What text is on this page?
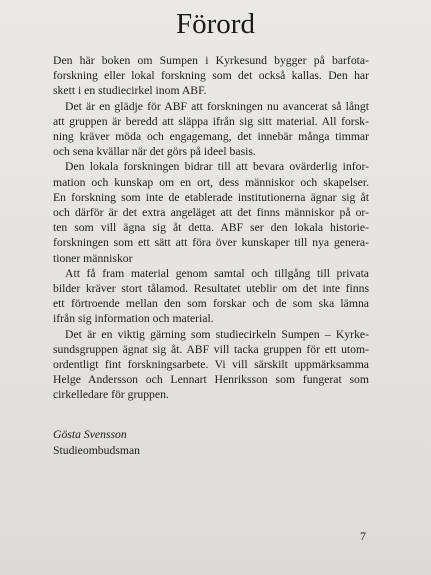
Förord

Den här boken om Sumpen i Kyrkesund bygger på barfota-
forskning eller lokal forskning som det också kallas. Den har
skett i en studiecirkel inom ABF.

Det är en glädje för ABF att forskningen nu avancerat så långt
att gruppen är beredd att släppa ifrån sig sitt material. All forsk-
ning kräver möda och engagemang, det innebär många timmar
och sena kvällar när det görs på ideel basis.

Den lokala forskningen bidrar till att bevara ovärderlig infor-
mation och kunskap om en ort, dess människor och skapelser.
En forskning som inte de etablerade institutionerna ägnar sig åt
och därför är det extra angeläget att det finns människor på or-
ten som vill ägna sig åt detta. ABF ser den lokala historie-
forskningen som ett sätt att föra över kunskaper till nya genera-
tioner människor

Att få fram material genom samtal och tillgång till privata
bilder kräver stort tålamod. Resultatet uteblir om det inte finns
ett förtroende mellan den som forskar och de som ska lämna
ifrån sig information och material.

Det är en viktig gärning som studiecirkeln Sumpen – Kyrke-
sundsgruppen ägnat sig åt. ABF vill tacka gruppen för ett utom-
ordentligt fint forskningsarbete. Vi vill särskilt uppmärksamma
Helge Andersson och Lennart Henriksson som fungerat som
cirkelledare för gruppen.

Gösta Svensson
Studieombudsman
7
